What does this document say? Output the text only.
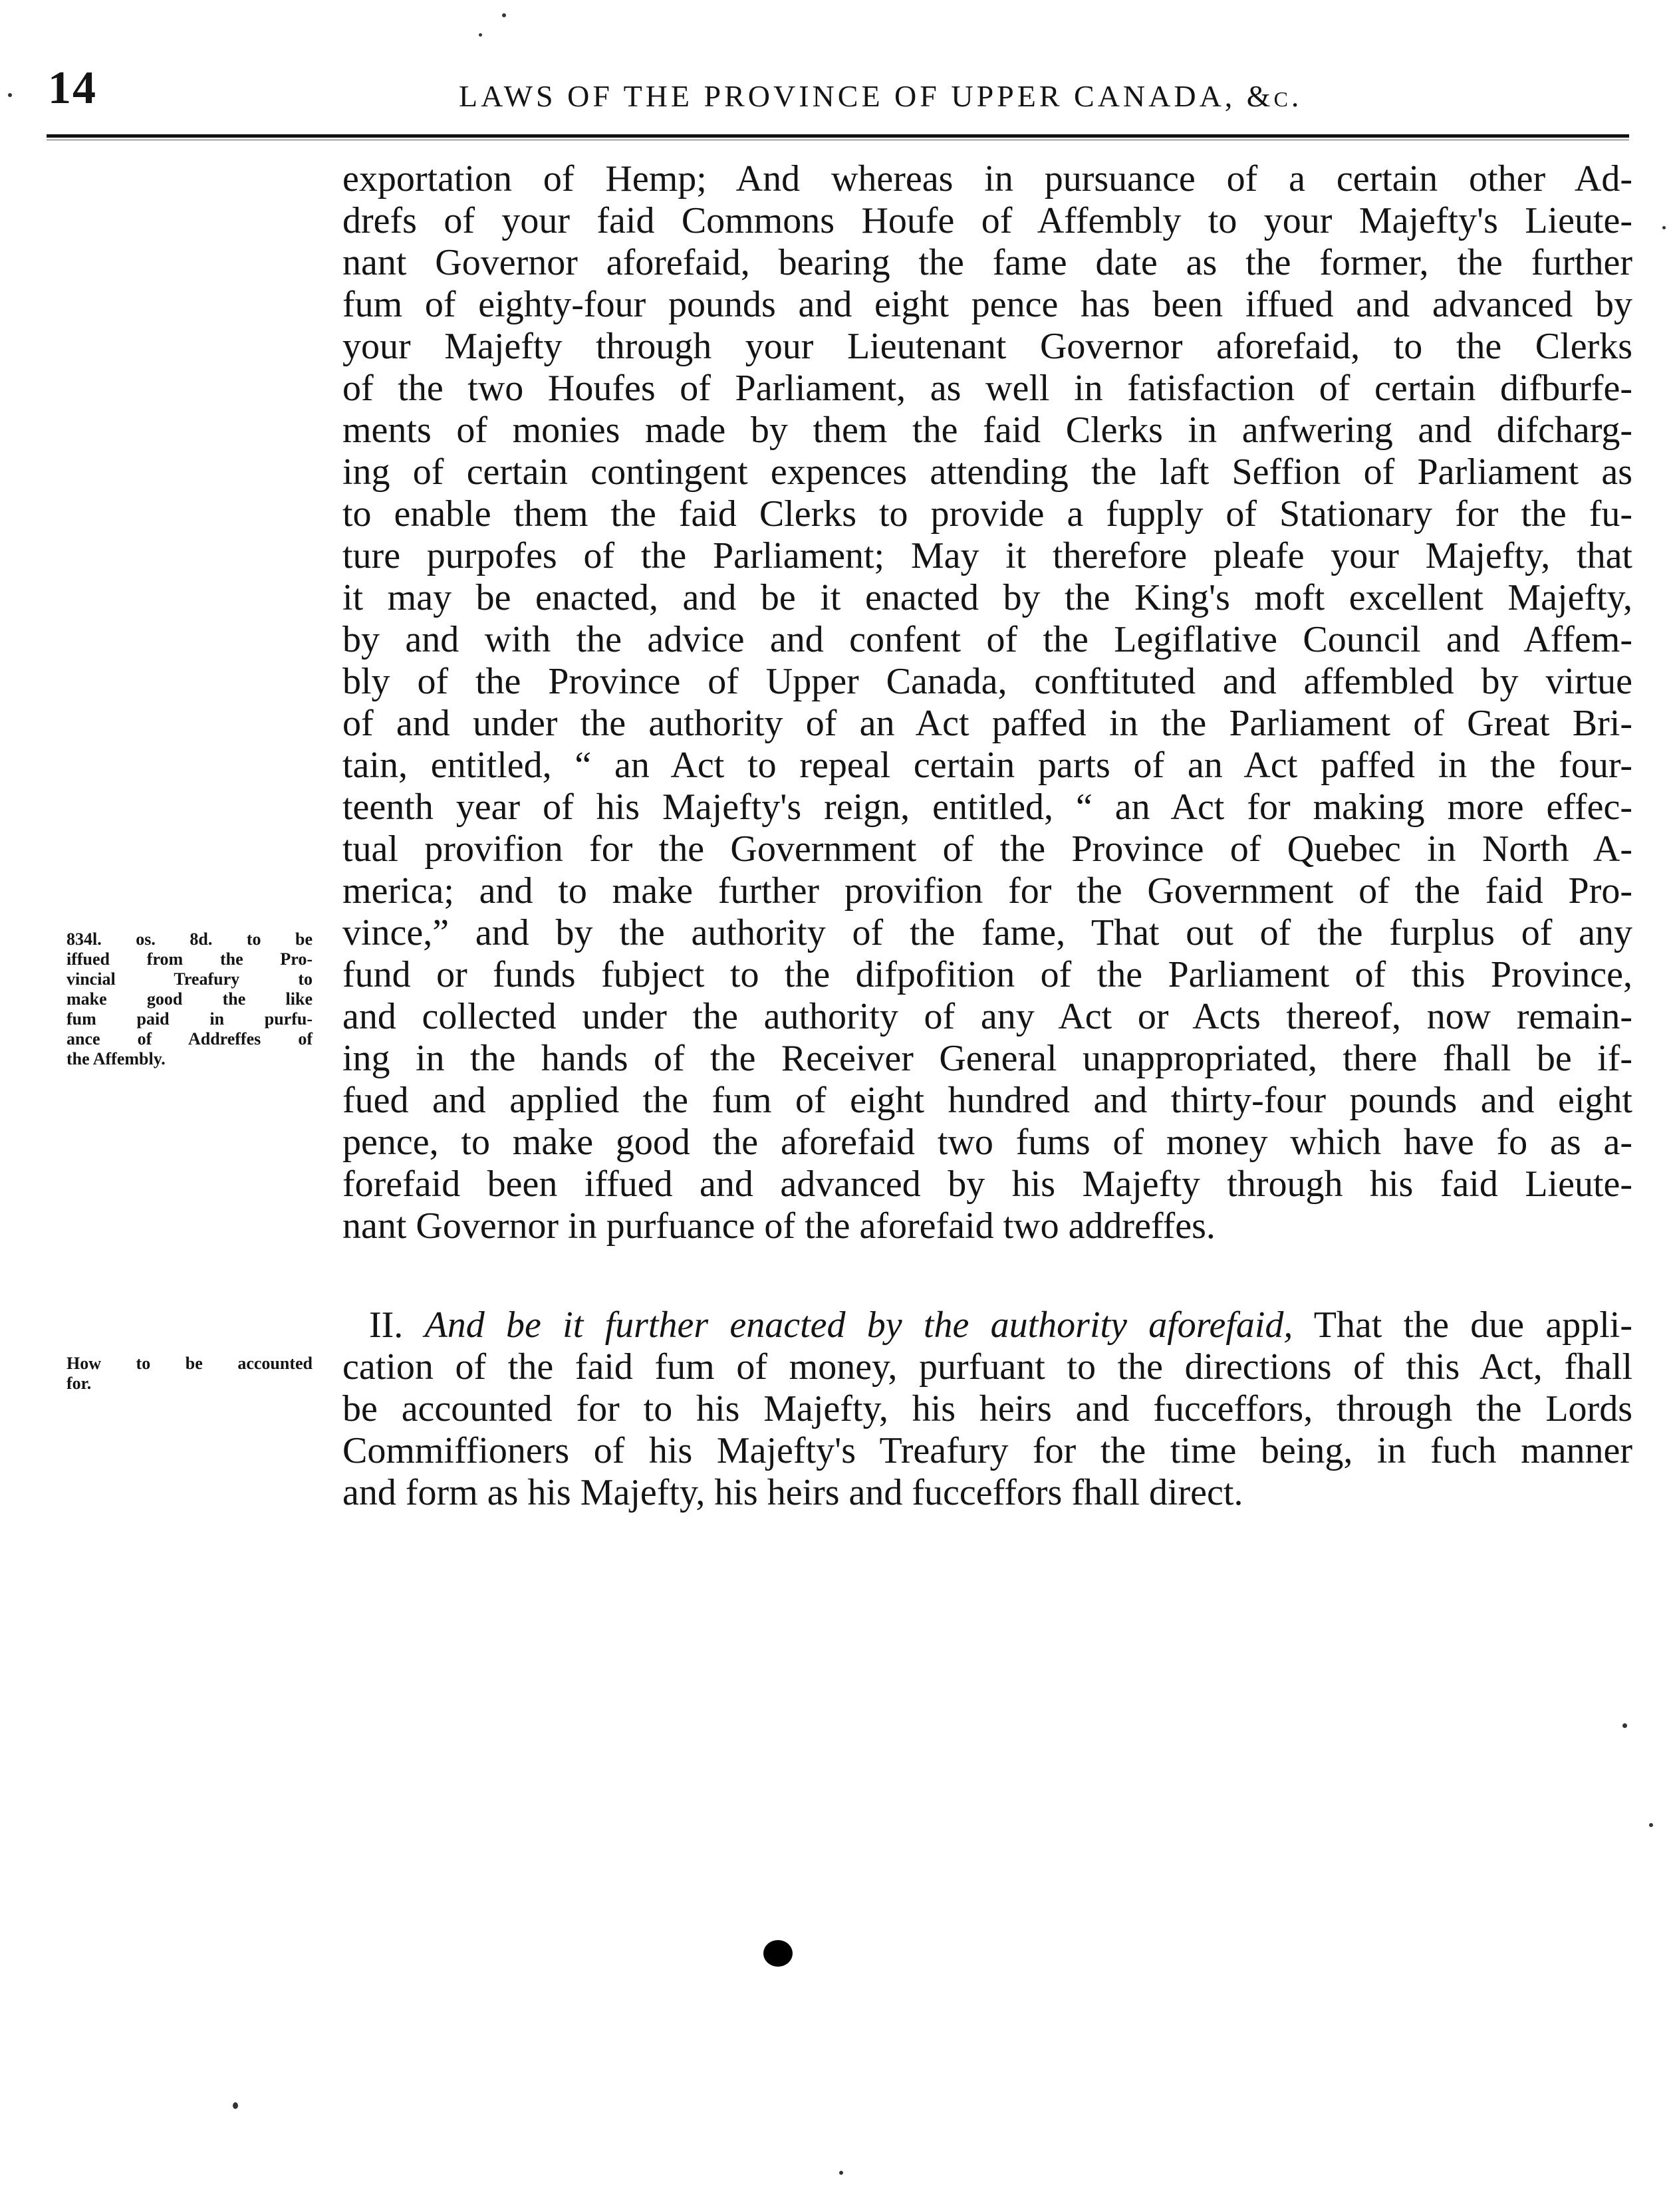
14	LAWS OF THE PROVINCE OF UPPER CANADA, &c.
834l. os. 8d. to be
iffued from the Pro-
vincial Treafury to
make good the like
fum paid in purfu-
ance of Addreffes of
the Affembly.
How to be accounted
for.
exportation of Hemp; And whereas in pursuance of a certain other Ad-
drefs of your faid Commons Houfe of Affembly to your Majefty's Lieute-
nant Governor aforefaid, bearing the fame date as the former, the further
fum of eighty-four pounds and eight pence has been iffued and advanced by
your Majefty through your Lieutenant Governor aforefaid, to the Clerks
of the two Houfes of Parliament, as well in fatisfaction of certain difburfe-
ments of monies made by them the faid Clerks in anfwering and difcharg-
ing of certain contingent expences attending the laft Seffion of Parliament as
to enable them the faid Clerks to provide a fupply of Stationary for the fu-
ture purpofes of the Parliament; May it therefore pleafe your Majefty, that
it may be enacted, and be it enacted by the King's moft excellent Majefty,
by and with the advice and confent of the Legiflative Council and Affem-
bly of the Province of Upper Canada, conftituted and affembled by virtue
of and under the authority of an Act paffed in the Parliament of Great Bri-
tain, entitled, “ an Act to repeal certain parts of an Act paffed in the four-
teenth year of his Majefty's reign, entitled, “ an Act for making more effec-
tual provifion for the Government of the Province of Quebec in North A-
merica; and to make further provifion for the Government of the faid Pro-
vince,” and by the authority of the fame, That out of the furplus of any
fund or funds fubject to the difpofition of the Parliament of this Province,
and collected under the authority of any Act or Acts thereof, now remain-
ing in the hands of the Receiver General unappropriated, there fhall be if-
fued and applied the fum of eight hundred and thirty-four pounds and eight
pence, to make good the aforefaid two fums of money which have fo as a-
forefaid been iffued and advanced by his Majefty through his faid Lieute-
nant Governor in purfuance of the aforefaid two addreffes.
II. And be it further enacted by the authority aforefaid, That the due appli-
cation of the faid fum of money, purfuant to the directions of this Act, fhall
be accounted for to his Majefty, his heirs and fucceffors, through the Lords
Commiffioners of his Majefty's Treafury for the time being, in fuch manner
and form as his Majefty, his heirs and fucceffors fhall direct.
